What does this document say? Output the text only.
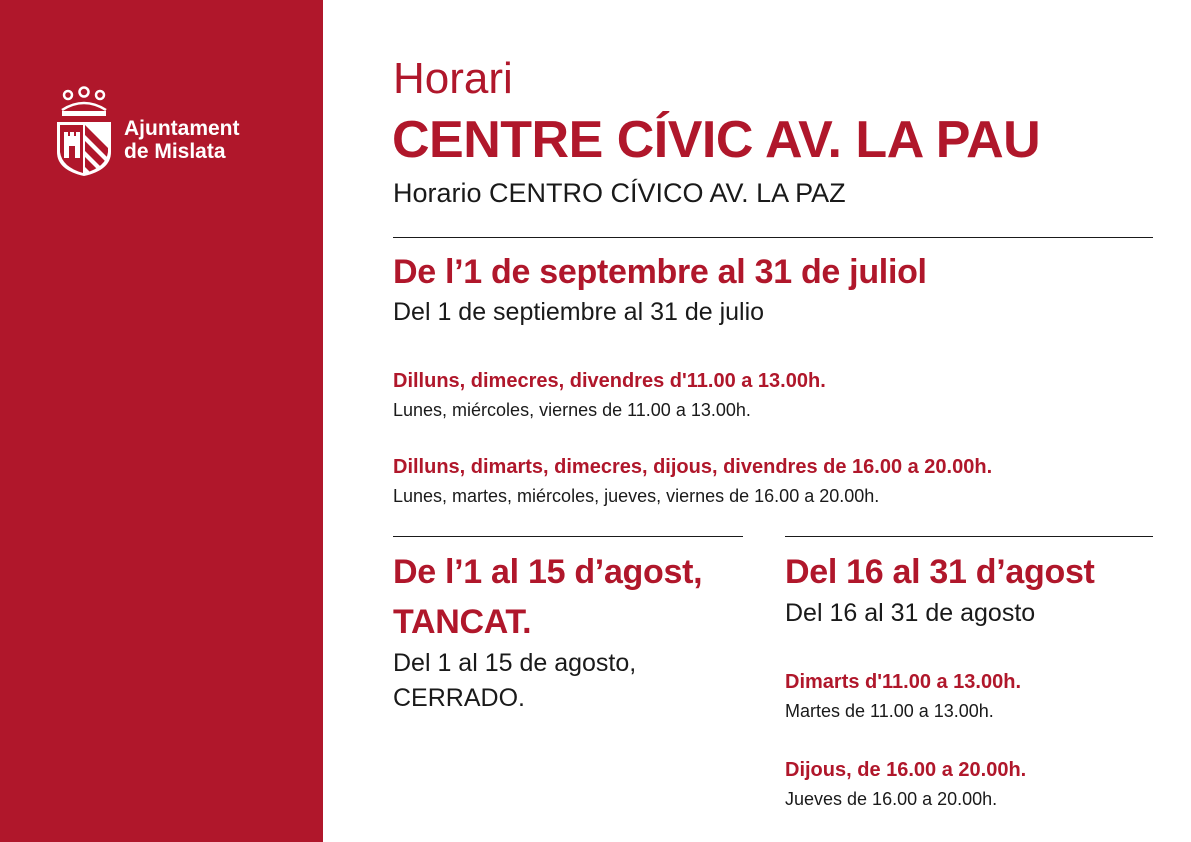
Ajuntament
de Mislata

Horari

CENTRE CÍVIC AV. LA PAU

Horario CENTRO CÍVICO AV. LA PAZ

De l’1 de septembre al 31 de juliol

Del 1 de septiembre al 31 de julio

Dilluns, dimecres, divendres d'11.00 a 13.00h.

Lunes, miércoles, viernes de 11.00 a 13.00h.

Dilluns, dimarts, dimecres, dijous, divendres de 16.00 a 20.00h.

Lunes, martes, miércoles, jueves, viernes de 16.00 a 20.00h.

De l’1 al 15 d’agost,

TANCAT.

Del 1 al 15 de agosto,

CERRADO.

Del 16 al 31 d’agost

Del 16 al 31 de agosto

Dimarts d'11.00 a 13.00h.

Martes de 11.00 a 13.00h.

Dijous, de 16.00 a 20.00h.

Jueves de 16.00 a 20.00h.
